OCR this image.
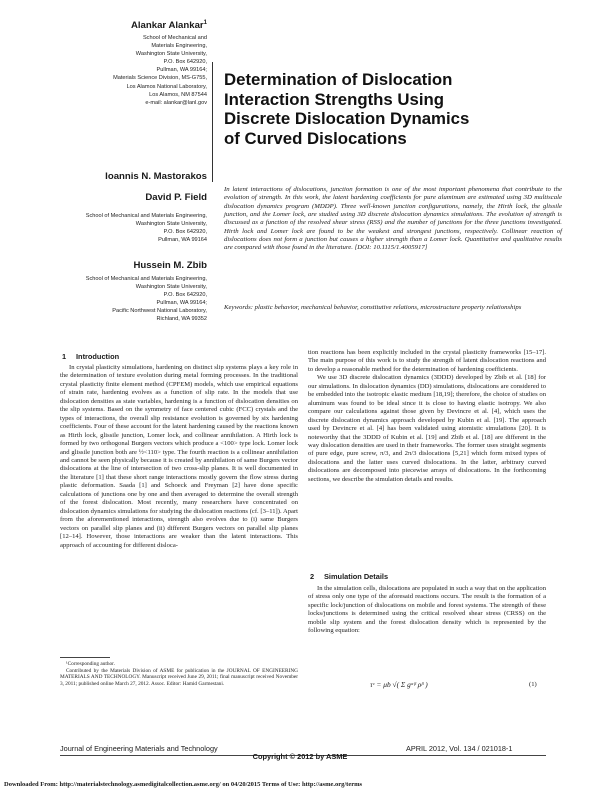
Alankar Alankar$^1$
School of Mechanical and
Materials Engineering,
Washington State University,
P.O. Box 642920,
Pullman, WA 99164;
Materials Science Division, MS-G755,
Los Alamos National Laboratory,
Los Alamos, NM 87544
e-mail: alankar@lanl.gov
Ioannis N. Mastorakos
David P. Field
School of Mechanical and Materials Engineering,
Washington State University,
P.O. Box 642920,
Pullman, WA 99164
Hussein M. Zbib
School of Mechanical and Materials Engineering,
Washington State University,
P.O. Box 642920,
Pullman, WA 99164;
Pacific Northwest National Laboratory,
Richland, WA 99352
Determination of Dislocation
Interaction Strengths Using
Discrete Dislocation Dynamics
of Curved Dislocations
In latent interactions of dislocations, junction formation is one of the most important phenomena that contribute to the evolution of strength. In this work, the latent hardening coefficients for pure aluminum are estimated using 3D multiscale dislocation dynamics program (MDDP). Three well-known junction configurations, namely, the Hirth lock, the glissile junction, and the Lomer lock, are studied using 3D discrete dislocation dynamics simulations. The evolution of strength is discussed as a function of the resolved shear stress (RSS) and the number of junctions for the three junctions investigated. Hirth lock and Lomer lock are found to be the weakest and strongest junctions, respectively. Collinear reaction of dislocations does not form a junction but causes a higher strength than a Lomer lock. Quantitative and qualitative results are compared with those found in the literature. [DOI: 10.1115/1.4005917]
Keywords: plastic behavior, mechanical behavior, constitutive relations, microstructure property relationships
1 Introduction

In crystal plasticity simulations, hardening on distinct slip systems plays a key role in the determination of texture evolution during metal forming processes. In the traditional crystal plasticity finite element method (CPFEM) models, which use empirical equations of strain rate, hardening evolves as a function of slip rate. In the models that use dislocation densities as state variables, hardening is a function of dislocation densities on the slip systems. Based on the symmetry of face centered cubic (FCC) crystals and the types of interactions, the overall slip resistance evolution is governed by six hardening coefficients. Four of these account for the latent hardening caused by the reactions known as Hirth lock, glissile junction, Lomer lock, and collinear annihilation. A Hirth lock is formed by two orthogonal Burgers vectors which produce a <100> type lock. Lomer lock and glissile junction both are ½<110> type. The fourth reaction is a collinear annihilation and cannot be seen physically because it is created by annihilation of same Burgers vector dislocations at the line of intersection of two cross-slip planes. It is well documented in the literature [1] that these short range interactions mostly govern the flow stress during plastic deformation. Saada [1] and Schoeck and Freyman [2] have done specific calculations of junctions one by one and then averaged to determine the overall strength of the forest dislocation. Most recently, many researchers have concentrated on dislocation dynamics simulations for studying the dislocation reactions (cf. [3–11]). Apart from the aforementioned interactions, strength also evolves due to (i) same Burgers vectors on parallel slip planes and (ii) different Burgers vectors on parallel slip planes [12–14]. However, those interactions are weaker than the latent interactions. This approach of accounting for different disloca-

¹Corresponding author.

Contributed by the Materials Division of ASME for publication in the JOURNAL OF ENGINEERING MATERIALS AND TECHNOLOGY. Manuscript received June 29, 2011; final manuscript received November 3, 2011; published online March 27, 2012. Assoc. Editor: Hamid Garmestani.

tion reactions has been explicitly included in the crystal plasticity frameworks [15–17]. The main purpose of this work is to study the strength of latent dislocation reactions and to develop a reasonable method for the determination of hardening coefficients.

We use 3D discrete dislocation dynamics (3DDD) developed by Zbib et al. [18] for our simulations. In dislocation dynamics (DD) simulations, dislocations are considered to be embedded into the isotropic elastic medium [18,19]; therefore, the choice of studies on aluminum was found to be ideal since it is close to having elastic isotropy. We also compare our calculations against those given by Devincre et al. [4], which uses the discrete dislocation dynamics approach developed by Kubin et al. [19]. The approach used by Devincre et al. [4] has been validated using atomistic simulations [20]. It is noteworthy that the 3DDD of Kubin et al. [19] and Zbib et al. [18] are different in the way dislocation densities are used in their frameworks. The former uses straight segments of pure edge, pure screw, π/3, and 2π/3 dislocations [5,21] which form mixed types of dislocations and the latter uses curved dislocations. In the latter, arbitrary curved dislocations are decomposed into piecewise arrays of dislocations. In the forthcoming sections, we describe the simulation details and results.

2 Simulation Details

In the simulation cells, dislocations are populated in such a way that on the application of stress only one type of the aforesaid reactions occurs. The result is the formation of a specific lock/junction of dislocations on mobile and forest systems. The strength of these locks/junctions is determined using the critical resolved shear stress (CRSS) on the mobile slip system and the forest dislocation density which is represented by the following equation:

τᶜ = μb √( Σ gᵅᵝ ρᵝ )	(1)
Journal of Engineering Materials and Technology	APRIL 2012, Vol. 134 / 021018-1
Copyright © 2012 by ASME
Downloaded From: http://materialstechnology.asmedigitalcollection.asme.org/ on 04/20/2015 Terms of Use: http://asme.org/terms
